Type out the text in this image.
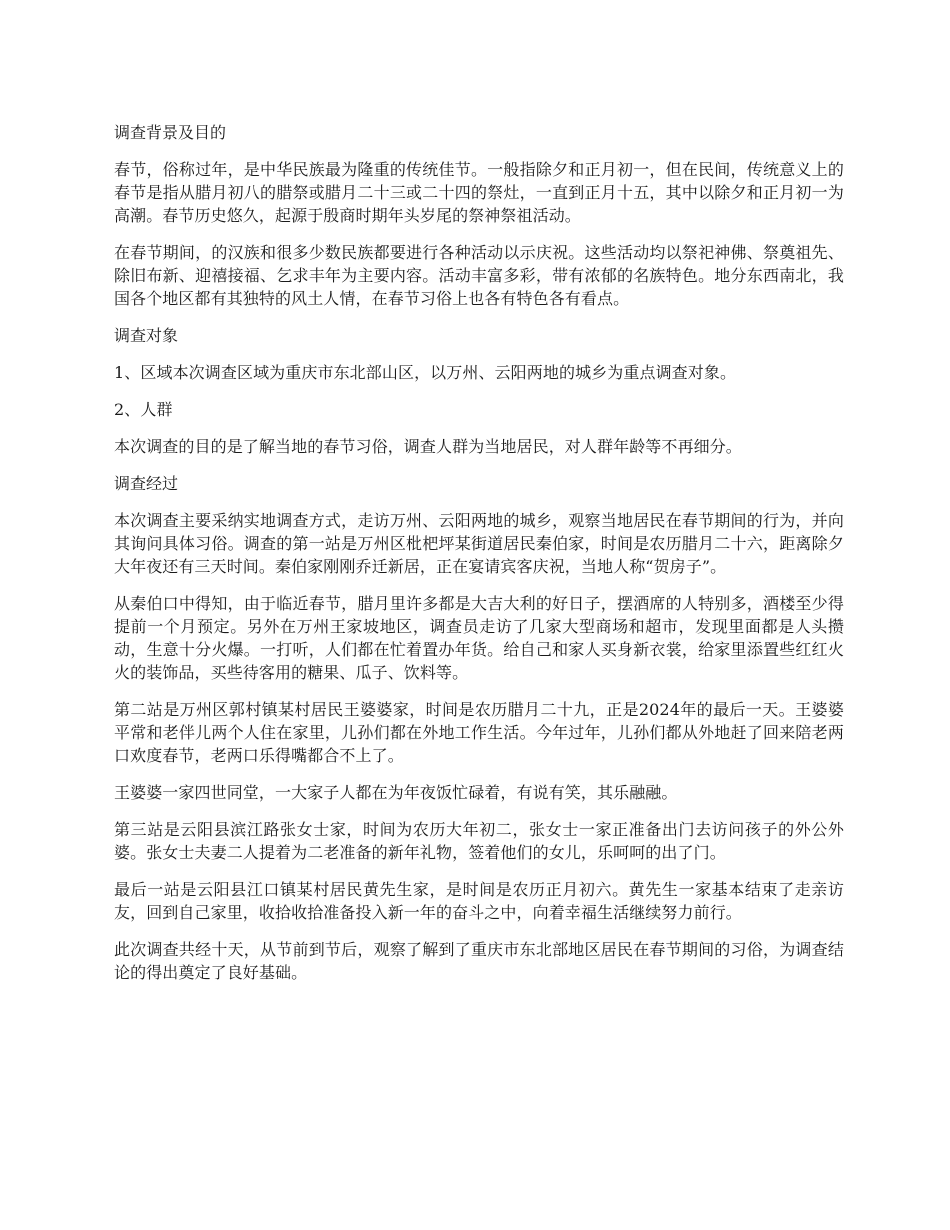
调查背景及目的

春节，俗称过年，是中华民族最为隆重的传统佳节。一般指除夕和正月初一，但在民间，传统意义上的春节是指从腊月初八的腊祭或腊月二十三或二十四的祭灶，一直到正月十五，其中以除夕和正月初一为高潮。春节历史悠久，起源于殷商时期年头岁尾的祭神祭祖活动。

在春节期间，的汉族和很多少数民族都要进行各种活动以示庆祝。这些活动均以祭祀神佛、祭奠祖先、除旧布新、迎禧接福、乞求丰年为主要内容。活动丰富多彩，带有浓郁的名族特色。地分东西南北，我国各个地区都有其独特的风土人情，在春节习俗上也各有特色各有看点。

调查对象

1、区域本次调查区域为重庆市东北部山区，以万州、云阳两地的城乡为重点调查对象。

2、人群

本次调查的目的是了解当地的春节习俗，调查人群为当地居民，对人群年龄等不再细分。

调查经过

本次调查主要采纳实地调查方式，走访万州、云阳两地的城乡，观察当地居民在春节期间的行为，并向其询问具体习俗。调查的第一站是万州区枇杷坪某街道居民秦伯家，时间是农历腊月二十六，距离除夕大年夜还有三天时间。秦伯家刚刚乔迁新居，正在宴请宾客庆祝，当地人称“贺房子”。

从秦伯口中得知，由于临近春节，腊月里许多都是大吉大利的好日子，摆酒席的人特别多，酒楼至少得提前一个月预定。另外在万州王家坡地区，调查员走访了几家大型商场和超市，发现里面都是人头攒动，生意十分火爆。一打听，人们都在忙着置办年货。给自己和家人买身新衣裳，给家里添置些红红火火的装饰品，买些待客用的糖果、瓜子、饮料等。

第二站是万州区郭村镇某村居民王婆婆家，时间是农历腊月二十九，正是2024年的最后一天。王婆婆平常和老伴儿两个人住在家里，儿孙们都在外地工作生活。今年过年，儿孙们都从外地赶了回来陪老两口欢度春节，老两口乐得嘴都合不上了。

王婆婆一家四世同堂，一大家子人都在为年夜饭忙碌着，有说有笑，其乐融融。

第三站是云阳县滨江路张女士家，时间为农历大年初二，张女士一家正准备出门去访问孩子的外公外婆。张女士夫妻二人提着为二老准备的新年礼物，签着他们的女儿，乐呵呵的出了门。

最后一站是云阳县江口镇某村居民黄先生家，是时间是农历正月初六。黄先生一家基本结束了走亲访友，回到自己家里，收拾收拾准备投入新一年的奋斗之中，向着幸福生活继续努力前行。

此次调查共经十天，从节前到节后，观察了解到了重庆市东北部地区居民在春节期间的习俗，为调查结论的得出奠定了良好基础。
